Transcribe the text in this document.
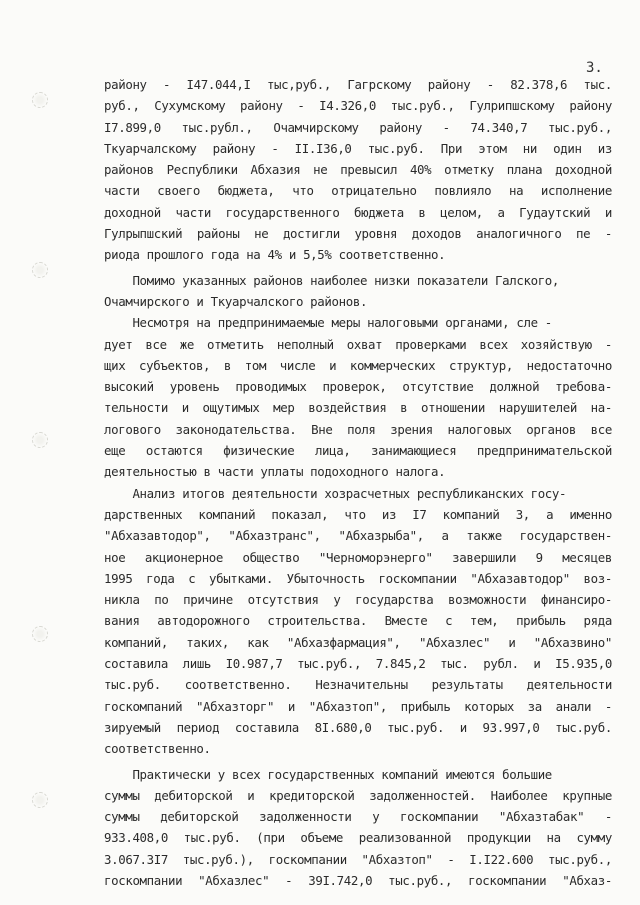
3.
району - I47.044,I тыс,руб., Гагрскому району - 82.378,6 тыс.
руб., Сухумскому району - I4.326,0 тыс.руб., Гулрипшскому району
I7.899,0 тыс.рубл., Очамчирскому району - 74.340,7 тыс.руб.,
Ткуарчалскому району - II.I36,0 тыс.руб. При этом ни один из
районов Республики Абхазия не превысил 40% отметку плана доходной
части своего бюджета, что отрицательно повлияло на исполнение
доходной части государственного бюджета в целом, а Гудаутский и
Гулрыпшский районы не достигли уровня доходов аналогичного пе -
риода прошлого года на 4% и 5,5% соответственно.
Помимо указанных районов наиболее низки показатели Галского,
Очамчирского и Ткуарчалского районов.
Несмотря на предпринимаемые меры налоговыми органами, сле -
дует все же отметить неполный охват проверками всех хозяйствую -
щих субъектов, в том числе и коммерческих структур, недостаточно
высокий уровень проводимых проверок, отсутствие должной требова-
тельности и ощутимых мер воздействия в отношении нарушителей на-
логового законодательства. Вне поля зрения налоговых органов все
еще остаются физические лица, занимающиеся предпринимательской
деятельностью в части уплаты подоходного налога.
Анализ итогов деятельности хозрасчетных республиканских госу-
дарственных компаний показал, что из I7 компаний 3, а именно
"Абхазавтодор", "Абхазтранс", "Абхазрыба", а также государствен-
ное акционерное общество "Черноморэнерго" завершили 9 месяцев
1995 года с убытками. Убыточность госкомпании "Абхазавтодор" воз-
никла по причине отсутствия у государства возможности финансиро-
вания автодорожного строительства. Вместе с тем, прибыль ряда
компаний, таких, как "Абхазфармация", "Абхазлес" и "Абхазвино"
составила лишь I0.987,7 тыс.руб., 7.845,2 тыс. рубл. и I5.935,0
тыс.руб. соответственно. Незначительны результаты деятельности
госкомпаний "Абхазторг" и "Абхазтоп", прибыль которых за анали -
зируемый период составила 8I.680,0 тыс.руб. и 93.997,0 тыс.руб.
соответственно.
Практически у всех государственных компаний имеются большие
суммы дебиторской и кредиторской задолженностей. Наиболее крупные
суммы дебиторской задолженности у госкомпании "Абхазтабак" -
933.408,0 тыс.руб. (при объеме реализованной продукции на сумму
3.067.3I7 тыс.руб.), госкомпании "Абхазтоп" - I.I22.600 тыс.руб.,
госкомпании "Абхазлес" - 39I.742,0 тыс.руб., госкомпании "Абхаз-
